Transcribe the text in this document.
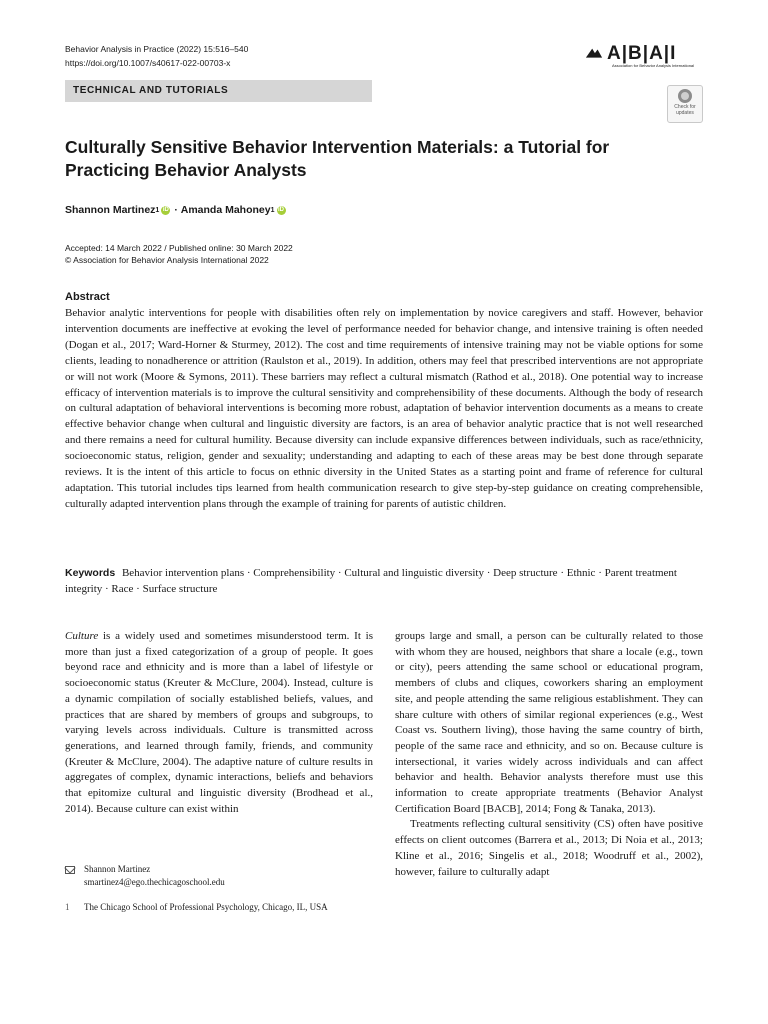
Behavior Analysis in Practice (2022) 15:516–540
https://doi.org/10.1007/s40617-022-00703-x	A|B|A|I
Association for Behavior Analysis International
TECHNICAL AND TUTORIALS
Check for
updates
Culturally Sensitive Behavior Intervention Materials: a Tutorial for Practicing Behavior Analysts
Shannon Martinez 1 iD ·
Amanda Mahoney 1 iD
Accepted: 14 March 2022 / Published online: 30 March 2022
© Association for Behavior Analysis International 2022
Abstract

Behavior analytic interventions for people with disabilities often rely on implementation by novice caregivers and staff. However, behavior intervention documents are ineffective at evoking the level of performance needed for behavior change, and intensive training is often needed (Dogan et al., 2017; Ward-Horner & Sturmey, 2012). The cost and time requirements of intensive training may not be viable options for some clients, leading to nonadherence or attrition (Raulston et al., 2019). In addition, others may feel that prescribed interventions are not appropriate or will not work (Moore & Symons, 2011). These barriers may reflect a cultural mismatch (Rathod et al., 2018). One potential way to increase efficacy of intervention materials is to improve the cultural sensitivity and comprehensibility of these documents. Although the body of research on cultural adaptation of behavioral interventions is becoming more robust, adaptation of behavior intervention documents as a means to create effective behavior change when cultural and linguistic diversity are factors, is an area of behavior analytic practice that is not well researched and there remains a need for cultural humility. Because diversity can include expansive differences between individuals, such as race/ethnicity, socioeconomic status, religion, gender and sexuality; understanding and adapting to each of these areas may be best done through separate reviews. It is the intent of this article to focus on ethnic diversity in the United States as a starting point and frame of reference for cultural adaptation. This tutorial includes tips learned from health communication research to give step-by-step guidance on creating comprehensible, culturally adapted intervention plans through the example of training for parents of autistic children.

Keywords Behavior intervention plans · Comprehensibility · Cultural and linguistic diversity · Deep structure · Ethnic · Parent treatment integrity · Race · Surface structure

Culture is a widely used and sometimes misunderstood term. It is more than just a fixed categorization of a group of people. It goes beyond race and ethnicity and is more than a label of lifestyle or socioeconomic status (Kreuter & McClure, 2004). Instead, culture is a dynamic compilation of socially established beliefs, values, and practices that are shared by members of groups and subgroups, to varying levels across individuals. Culture is transmitted across generations, and learned through family, friends, and community (Kreuter & McClure, 2004). The adaptive nature of culture results in aggregates of complex, dynamic interactions, beliefs and behaviors that epitomize cultural and linguistic diversity (Brodhead et al., 2014). Because culture can exist within

groups large and small, a person can be culturally related to those with whom they are housed, neighbors that share a locale (e.g., town or city), peers attending the same school or educational program, members of clubs and cliques, coworkers sharing an employment site, and people attending the same religious establishment. They can share culture with others of similar regional experiences (e.g., West Coast vs. Southern living), those having the same country of birth, people of the same race and ethnicity, and so on. Because culture is intersectional, it varies widely across individuals and can affect behavior and health. Behavior analysts therefore must use this information to create appropriate treatments (Behavior Analyst Certification Board [BACB], 2014; Fong & Tanaka, 2013).

Treatments reflecting cultural sensitivity (CS) often have positive effects on client outcomes (Barrera et al., 2013; Di Noia et al., 2013; Kline et al., 2016; Singelis et al., 2018; Woodruff et al., 2002), however, failure to culturally adapt

Shannon Martinez
smartinez4@ego.thechicagoschool.edu
1	The Chicago School of Professional Psychology, Chicago, IL, USA
